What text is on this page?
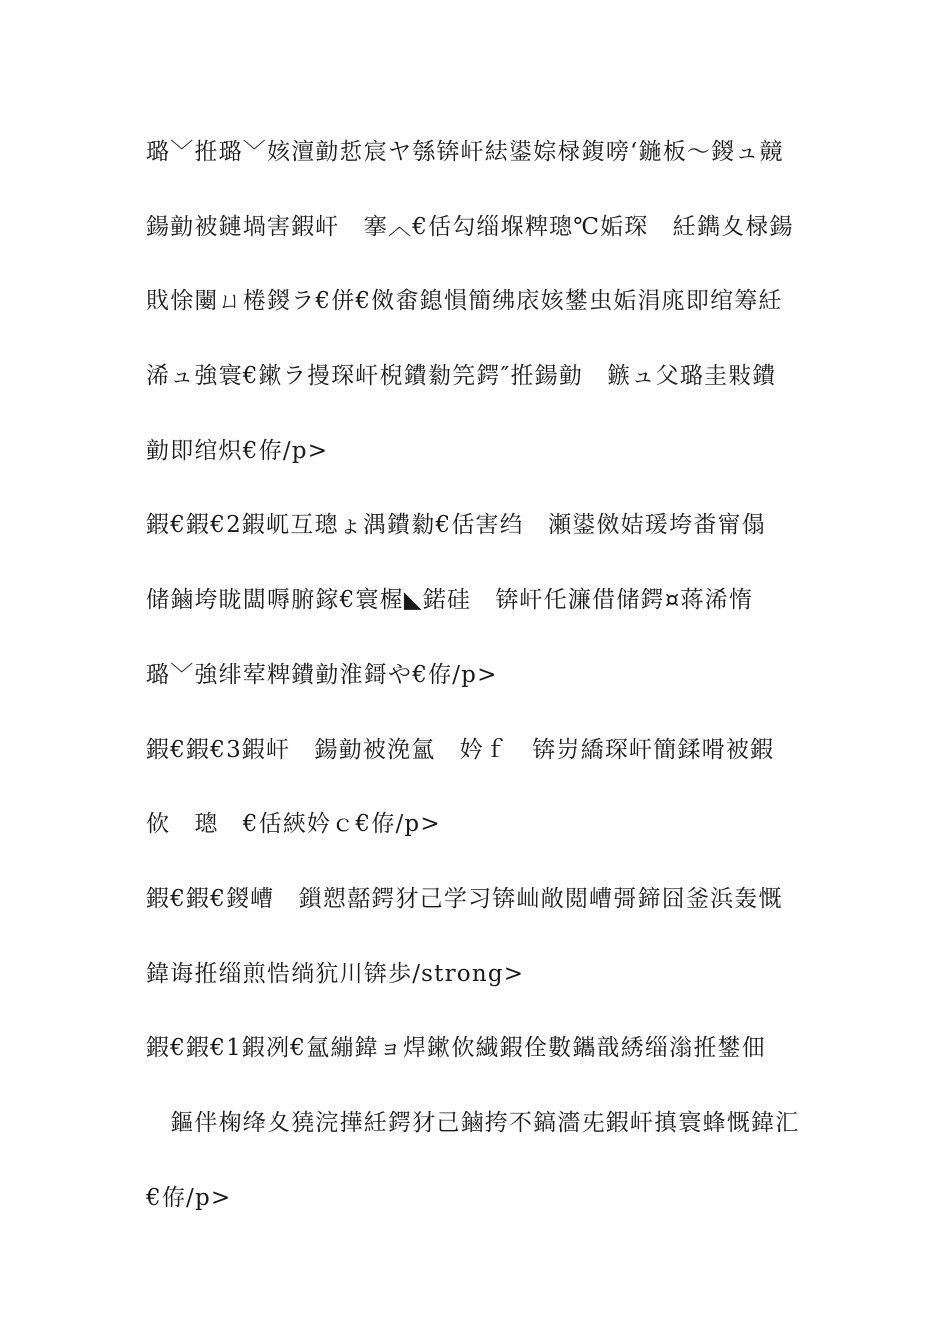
璐﹀拰璐﹀姟澶勭悊宸ヤ綔锛屽紶鍙婃椂鍑嗙‘鍦板～鍐ュ竸
鍚勭被鏈堝害鍜屽　搴︿€佸勾缁堢粺璁℃姤琛　紝鐫夊椂鍚
戝悇闄ㄩ棬鍐ラ€併€傚畬鎴愪簡绋庡姟鐢虫姤涓庣即绾筹紝
浠ュ強寰€鏉ラ摱琛屽棿鐨勬笎鍔″拰鍚勭　鏃ュ父璐圭敤鐨
勭即绾炽€侟/p>
鍜€鍜€2鍜屼互璁ょ湡鐨勬€佸害绉　瀬鍙傚姞瑗垮畨甯傝
储鏀垮眬闆嗕腑鎵€寰楃◣鍩硅　锛屽仛濂借储鍔¤蒋浠惰
璐﹀強绯荤粺鐨勭淮鎶や€侟/p>
鍜€鍜€3鍜屽　鍚勭被浼氳　妗ｆ　锛岃繑琛屽簡鍒嗗被鍜
佽　璁　€佸綊妗ｃ€侟/p>
鍜€鍜€鍐嶆　鎻愬嚭鍔犲己学习锛屾敞閲嶆彁鍗囧釜浜轰慨
鍏诲拰缁煎悎绱犺川锛歩/strong>
鍜€鍜€1鍜冽€氳繃鍏ョ焊鏉佽繊鍜佺數鑴戠綉缁滃拰鐢佃
　鏂伴椈绛夊獟浣撶紝鍔犲己鏀挎不鎬濇兂鍜屽搷寰蜂慨鍏汇
€侟/p>
